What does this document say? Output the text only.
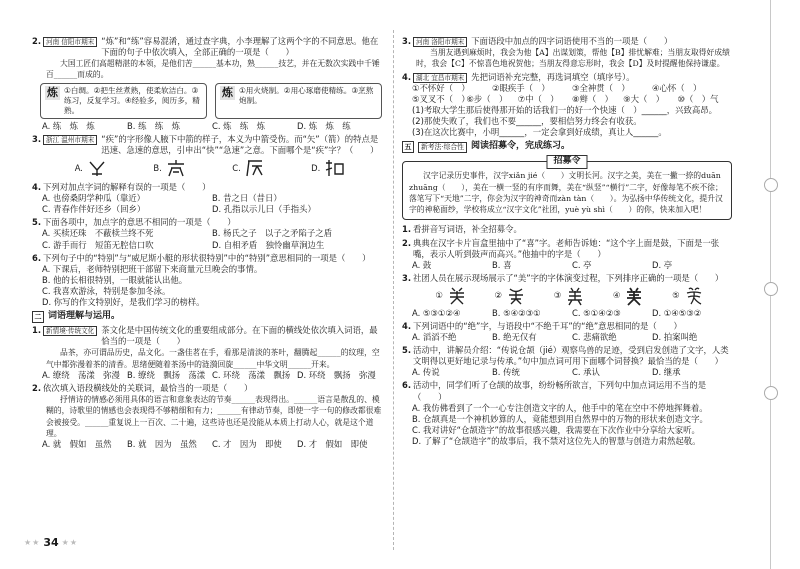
2. 河南 信阳市期末 “炼”和“练”容易混淆，通过查字典，小李理解了这两个字的不同意思。他在下面的句子中依次填入，全部正确的一项是（　　）
大国工匠们高超精湛的本领，是他们苦______基本功，熟______技艺，并在无数次实践中千锤百______而成的。
炼 ①白绸。②把生丝煮熟，使柔软洁白。③练习，反复学习。④经验多，阅历多，精熟。
炼 ①用火烧制。②用心琢磨使精练。③烹熬炮制。
A. 练　炼　炼	B. 练　练　炼	C. 炼　练　炼	D. 炼　炼　练
3. 浙江 温州市期末 “疾”的字形像人腋下中箭的样子，本义为中箭受伤。而“矢”（箭）的特点是迅速、急速的意思，引申出“快”“急速”之意。下面哪个是“疾”字？（　　）
A.	B.	C.	D.
4. 下列对加点字词的解释有误的一项是（　　）
A. 也傍桑阴学种瓜（靠近）	B. 昔之日（昔日）
C. 青春作伴好还乡（回乡）	D. 孔指以示儿曰（手指头）
5. 下面各项中，加点字的意思不相同的一项是（　　）
A. 买椟还珠　不蔽椟兰终不死	B. 杨氏之子　以子之矛陷子之盾
C. 游手而行　短笛无腔信口吹	D. 自相矛盾　独怜幽草涧边生
6. 下列句子中的“特别”与“威尼斯小艇的形状很特别”中的“特别”意思相同的一项是（　　）
A. 下课后，老师特别把班干部留下来商量元旦晚会的事情。
B. 他的长相很特别，一眼就能认出他。
C. 我喜欢游泳，特别是参加冬泳。
D. 你写的作文特别好，是我们学习的榜样。
二 词语理解与运用。
1. 新情境·传统文化 茶文化是中国传统文化的重要组成部分。在下面的横线处依次填入词语，最恰当的一项是（　　）
品茶，亦可谓品历史，品文化。一盏佳茗在手，看那是清淡的茶叶，翻腾起______的纹理，空气中都弥漫着茶的清香。思绪便随着茶汤中的涟漪回旋______中华文明______开来。
A. 缭绕　荡漾　弥漫 B. 缭绕　飘扬　荡漾 C. 环绕　荡漾　飘扬 D. 环绕　飘扬　弥漫
2. 依次填入语段横线处的关联词，最恰当的一项是（　　）
抒情诗的情感必须用具体的语言和意象表达的节奏______表现得出。______语言是散乱的、模糊的，诗歌里的情感也会表现得不够精细和有力；______有律动节奏，即使一字一句的修改都很难会被接受。______重复说上一百次、二十遍，这些诗也还是没能从本质上打动人心，就是这个道理。
A. 就　假如　虽然	B. 就　因为　虽然	C. 才　因为　即使	D. 才　假如　即使
3. 河南 洛阳市期末 下面语段中加点的四字词语使用不当的一项是（　　）
当朋友遇到麻烦时，我会为他【A】出谋划策，帮他【B】排忧解难；当朋友取得好成绩时，我会【C】不惊喜色地祝贺他；当朋友得意忘形时，我会【D】及时提醒他保持谦虚。
4. 湖北 宜昌市期末 先把词语补充完整，再选词填空（填序号）。
①不怀好（　）	②眼疾手（　）	③全神贯（　）	④心怀（　）
⑤叉叉不（　）
⑥步（　）	⑦中（　）	⑧辫（　）	⑨大（　）	⑩（　）气
(1)考取大学生那后使得那开始的话我们一的好一个快速（　）______，兴致高昂。
(2)那使失败了，我们也不要______，要相信努力终会有收获。
(3)在这次比赛中，小明______，一定会拿到好成绩，真让人______。
五	新考法·综合性 阅读招募令，完成练习。
招募令
汉字记录历史事件，汉字xiǎn jié（　　）文明长河。汉字之美，美在一撇一捺的duān zhuāng（　　），美在一横一竖的有序而舞，美在“纵竖”“横行”二字，好像每笔不疾不徐；落笔写下“天地”二字，你会为汉字的神奇而zàn tàn（　　）。为弘扬中华传统文化，提升汉字的神秘面纱，学校将成立“汉字文化”社团，yuè yù shì（　　）的你，快来加入吧！
1. 看拼音写词语，补全招募令。
2. 典典在汉字卡片盲盒里抽中了“喜”字。老师告诉她：“这个字上面是鼓，下面是一张嘴，表示人听到鼓声而高兴。”他抽中的字是（　　）
A. 鼓	B. 喜	C. 亭	D. 亭
3. 社团人员在展示现场展示了“美”字的字体演变过程，下列排序正确的一项是（　　）
①	②	③	④	⑤
A. ⑤③①②④	B. ⑤④②③①	C. ⑤①④②③	D. ①④⑤③②
4. 下列词语中的“绝”字，与语段中“不绝千耳”的“绝”意思相同的是（　　）
A. 滔滔不绝	B. 绝无仅有	C. 悲痛欲绝	D. 拍案叫绝
5. 活动中，讲解员介绍：“传说仓颉（jié）观察鸟兽的足迹，受到启发创造了文字，人类文明得以更好地记录与传承。”句中加点词可用下面哪个词替换？最恰当的是（　　）
A. 传说	B. 传统	C. 承认	D. 继承
6. 活动中，同学们听了仓颉的故事，纷纷畅所欲言，下列句中加点词运用不当的是（　　）
A. 我仿佛看到了一个一心专注创造文字的人，他手中的笔在空中不停地挥舞着。
B. 仓颉真是一个神机妙算的人，竟能想到用自然界中的万物的形状来创造文字。
C. 我对讲好“仓颉造字”的故事很感兴趣，我需要在下次作业中分享给大家听。
D. 了解了“仓颉造字”的故事后，我不禁对这位先人的智慧与创造力肃然起敬。
★★ 34 ★★
